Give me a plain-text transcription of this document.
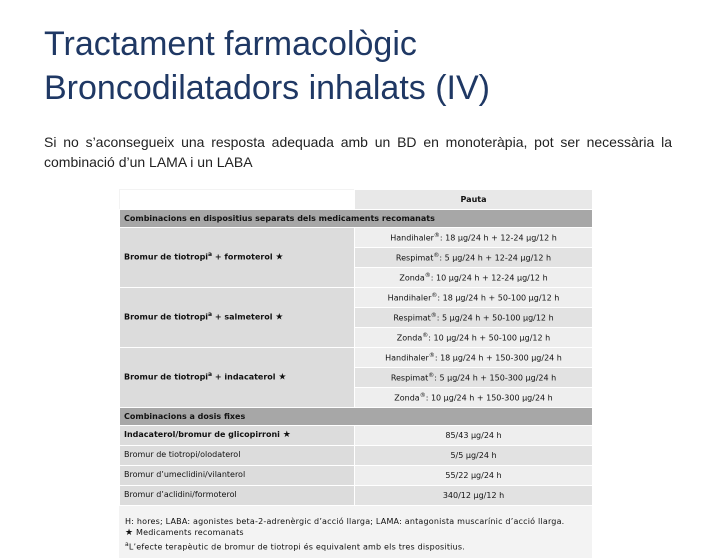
Tractament farmacològic
Broncodilatadors inhalats (IV)
Si no s’aconsegueix una resposta adequada amb un BD en monoteràpia, pot ser necessària la combinació d’un LAMA i un LABA
	Pauta
Combinacions en dispositius separats dels medicaments recomanats	
Bromur de tiotropi$^a$ + formoterol ★	Handihaler®: 18 µg/24 h + 12-24 µg/12 h
	Respimat®: 5 µg/24 h + 12-24 µg/12 h
	Zonda®: 10 µg/24 h + 12-24 µg/12 h
Bromur de tiotropi$^a$ + salmeterol ★	Handihaler®: 18 µg/24 h + 50-100 µg/12 h
	Respimat®: 5 µg/24 h + 50-100 µg/12 h
	Zonda®: 10 µg/24 h + 50-100 µg/12 h
Bromur de tiotropi$^a$ + indacaterol ★	Handihaler®: 18 µg/24 h + 150-300 µg/24 h
	Respimat®: 5 µg/24 h + 150-300 µg/24 h
	Zonda®: 10 µg/24 h + 150-300 µg/24 h
Combinacions a dosis fixes	
Indacaterol/bromur de glicopirroni ★	85/43 µg/24 h
Bromur de tiotropi/olodaterol	5/5 µg/24 h
Bromur d’umeclidini/vilanterol	55/22 µg/24 h
Bromur d’aclidini/formoterol	340/12 µg/12 h
H: hores; LABA: agonistes beta-2-adrenèrgic d’acció llarga; LAMA: antagonista muscarínic d’acció llarga.
★ Medicaments recomanats
$^a$L’efecte terapèutic de bromur de tiotropi és equivalent amb els tres dispositius.
